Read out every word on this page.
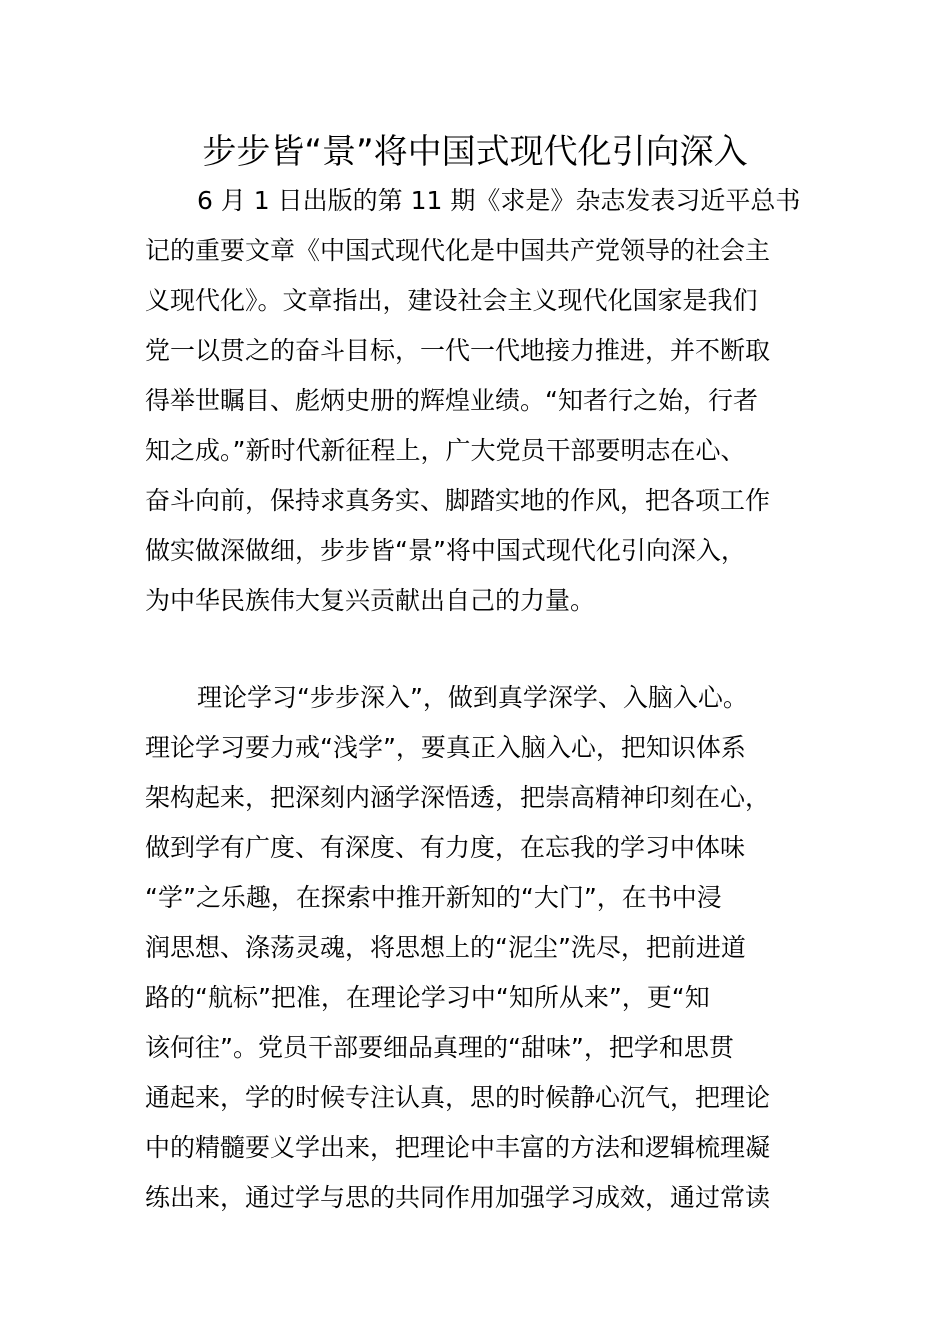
步步皆“景”将中国式现代化引向深入
6 月 1 日出版的第 11 期《求是》杂志发表习近平总书
记的重要文章《中国式现代化是中国共产党领导的社会主
义现代化》。文章指出，建设社会主义现代化国家是我们
党一以贯之的奋斗目标，一代一代地接力推进，并不断取
得举世瞩目、彪炳史册的辉煌业绩。“知者行之始，行者
知之成。”新时代新征程上，广大党员干部要明志在心、
奋斗向前，保持求真务实、脚踏实地的作风，把各项工作
做实做深做细，步步皆“景”将中国式现代化引向深入，
为中华民族伟大复兴贡献出自己的力量。
理论学习“步步深入”，做到真学深学、入脑入心。
理论学习要力戒“浅学”，要真正入脑入心，把知识体系
架构起来，把深刻内涵学深悟透，把崇高精神印刻在心，
做到学有广度、有深度、有力度，在忘我的学习中体味
“学”之乐趣，在探索中推开新知的“大门”，在书中浸
润思想、涤荡灵魂，将思想上的“泥尘”洗尽，把前进道
路的“航标”把准，在理论学习中“知所从来”，更“知
该何往”。党员干部要细品真理的“甜味”，把学和思贯
通起来，学的时候专注认真，思的时候静心沉气，把理论
中的精髓要义学出来，把理论中丰富的方法和逻辑梳理凝
练出来，通过学与思的共同作用加强学习成效，通过常读
